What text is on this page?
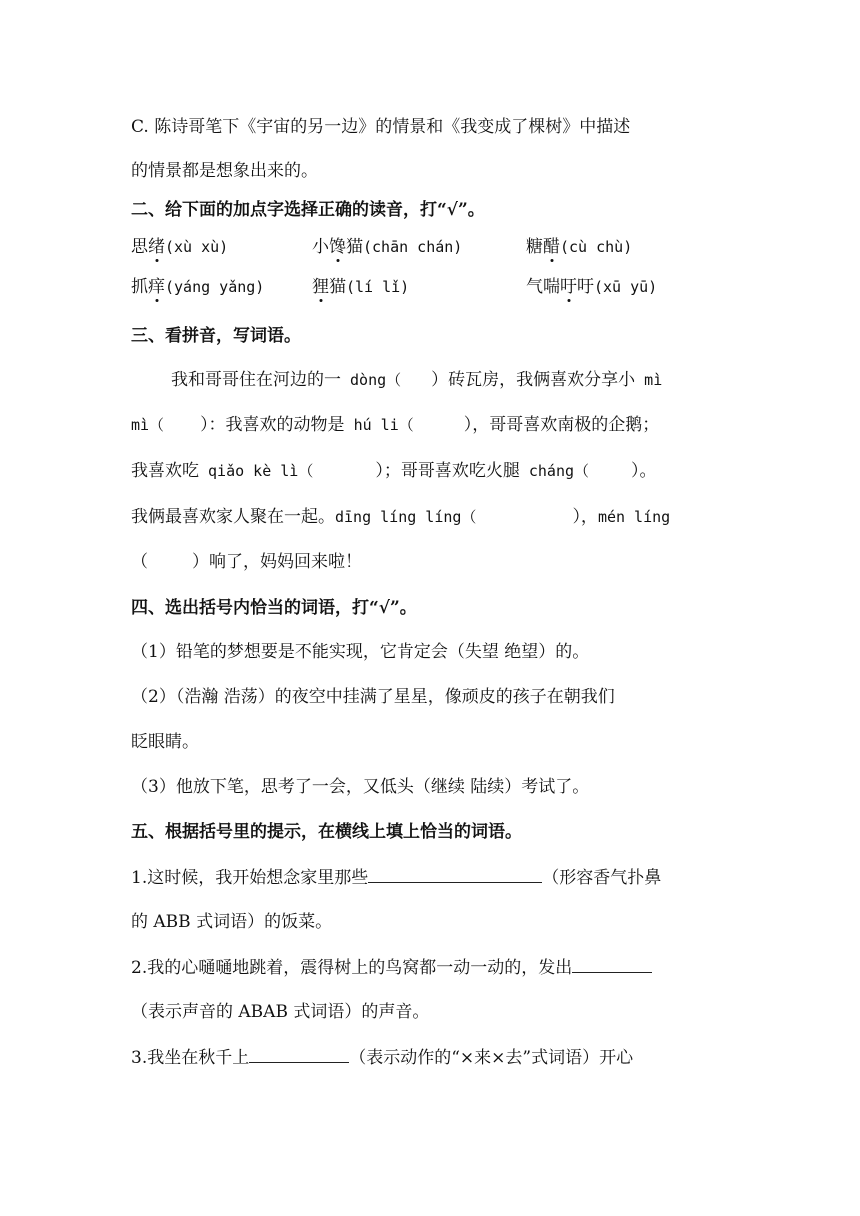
C. 陈诗哥笔下《宇宙的另一边》的情景和《我变成了棵树》中描述
的情景都是想象出来的。
二、给下面的加点字选择正确的读音，打“√”。
思绪(xù xù)	小馋猫(chān chán)	糖醋(cù chù)
抓痒(yáng yǎng)	狸猫(lí lǐ)	气喘吁吁(xū yū)
三、看拼音，写词语。
我和哥哥住在河边的一 dòng（ ）砖瓦房，我俩喜欢分享小 mì
mì（ ）：我喜欢的动物是 hú li（	），哥哥喜欢南极的企鹅；
我喜欢吃 qiǎo kè lì（	）；哥哥喜欢吃火腿 cháng（ ）。
我俩最喜欢家人聚在一起。dīng líng líng（	），mén líng
（	）响了，妈妈回来啦！
四、选出括号内恰当的词语，打“√”。
（1）铅笔的梦想要是不能实现，它肯定会（失望 绝望）的。
（2）（浩瀚 浩荡）的夜空中挂满了星星，像顽皮的孩子在朝我们
眨眼睛。
（3）他放下笔，思考了一会，又低头（继续 陆续）考试了。
五、根据括号里的提示，在横线上填上恰当的词语。
1.这时候，我开始想念家里那些	（形容香气扑鼻
的 ABB 式词语）的饭菜。
2.我的心嗵嗵地跳着，震得树上的鸟窝都一动一动的，发出
（表示声音的 ABAB 式词语）的声音。
3.我坐在秋千上	（表示动作的“×来×去”式词语）开心
